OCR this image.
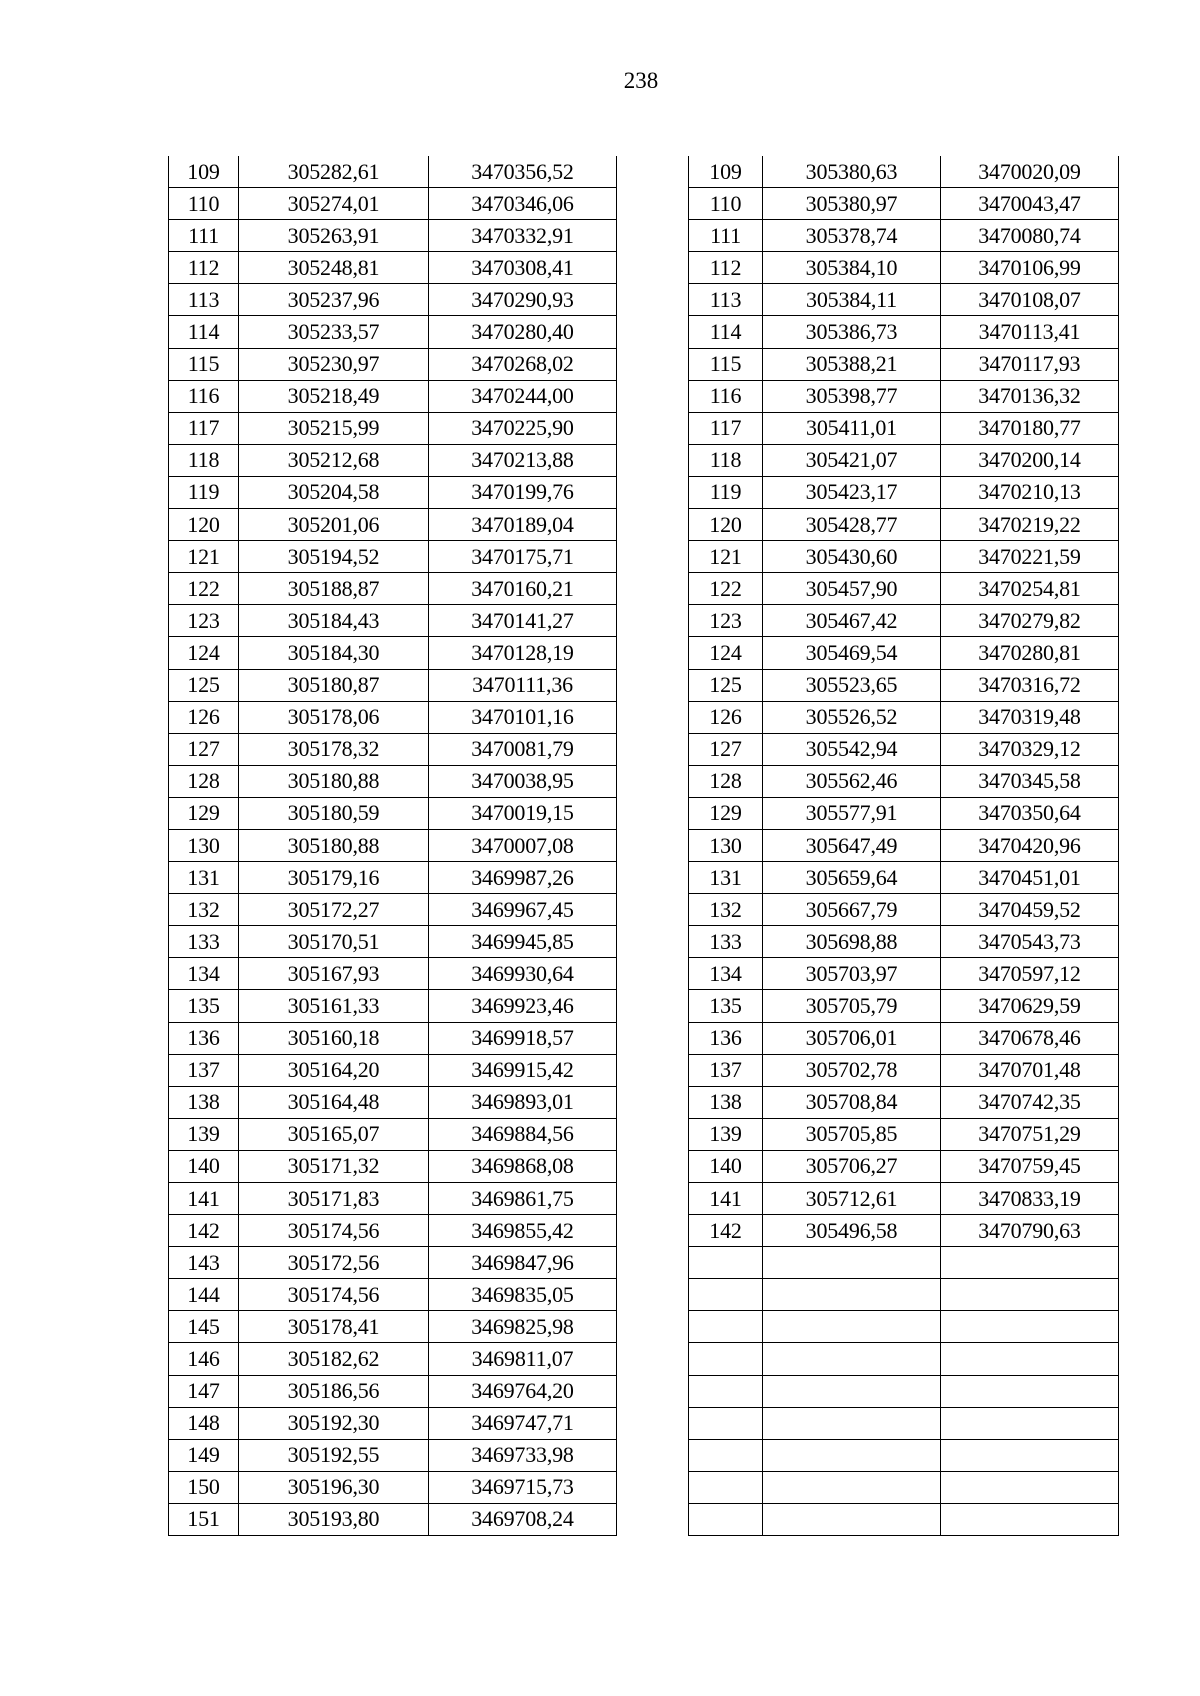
238
109	305282,61	3470356,52
110	305274,01	3470346,06
111	305263,91	3470332,91
112	305248,81	3470308,41
113	305237,96	3470290,93
114	305233,57	3470280,40
115	305230,97	3470268,02
116	305218,49	3470244,00
117	305215,99	3470225,90
118	305212,68	3470213,88
119	305204,58	3470199,76
120	305201,06	3470189,04
121	305194,52	3470175,71
122	305188,87	3470160,21
123	305184,43	3470141,27
124	305184,30	3470128,19
125	305180,87	3470111,36
126	305178,06	3470101,16
127	305178,32	3470081,79
128	305180,88	3470038,95
129	305180,59	3470019,15
130	305180,88	3470007,08
131	305179,16	3469987,26
132	305172,27	3469967,45
133	305170,51	3469945,85
134	305167,93	3469930,64
135	305161,33	3469923,46
136	305160,18	3469918,57
137	305164,20	3469915,42
138	305164,48	3469893,01
139	305165,07	3469884,56
140	305171,32	3469868,08
141	305171,83	3469861,75
142	305174,56	3469855,42
143	305172,56	3469847,96
144	305174,56	3469835,05
145	305178,41	3469825,98
146	305182,62	3469811,07
147	305186,56	3469764,20
148	305192,30	3469747,71
149	305192,55	3469733,98
150	305196,30	3469715,73
151	305193,80	3469708,24
109	305380,63	3470020,09
110	305380,97	3470043,47
111	305378,74	3470080,74
112	305384,10	3470106,99
113	305384,11	3470108,07
114	305386,73	3470113,41
115	305388,21	3470117,93
116	305398,77	3470136,32
117	305411,01	3470180,77
118	305421,07	3470200,14
119	305423,17	3470210,13
120	305428,77	3470219,22
121	305430,60	3470221,59
122	305457,90	3470254,81
123	305467,42	3470279,82
124	305469,54	3470280,81
125	305523,65	3470316,72
126	305526,52	3470319,48
127	305542,94	3470329,12
128	305562,46	3470345,58
129	305577,91	3470350,64
130	305647,49	3470420,96
131	305659,64	3470451,01
132	305667,79	3470459,52
133	305698,88	3470543,73
134	305703,97	3470597,12
135	305705,79	3470629,59
136	305706,01	3470678,46
137	305702,78	3470701,48
138	305708,84	3470742,35
139	305705,85	3470751,29
140	305706,27	3470759,45
141	305712,61	3470833,19
142	305496,58	3470790,63
